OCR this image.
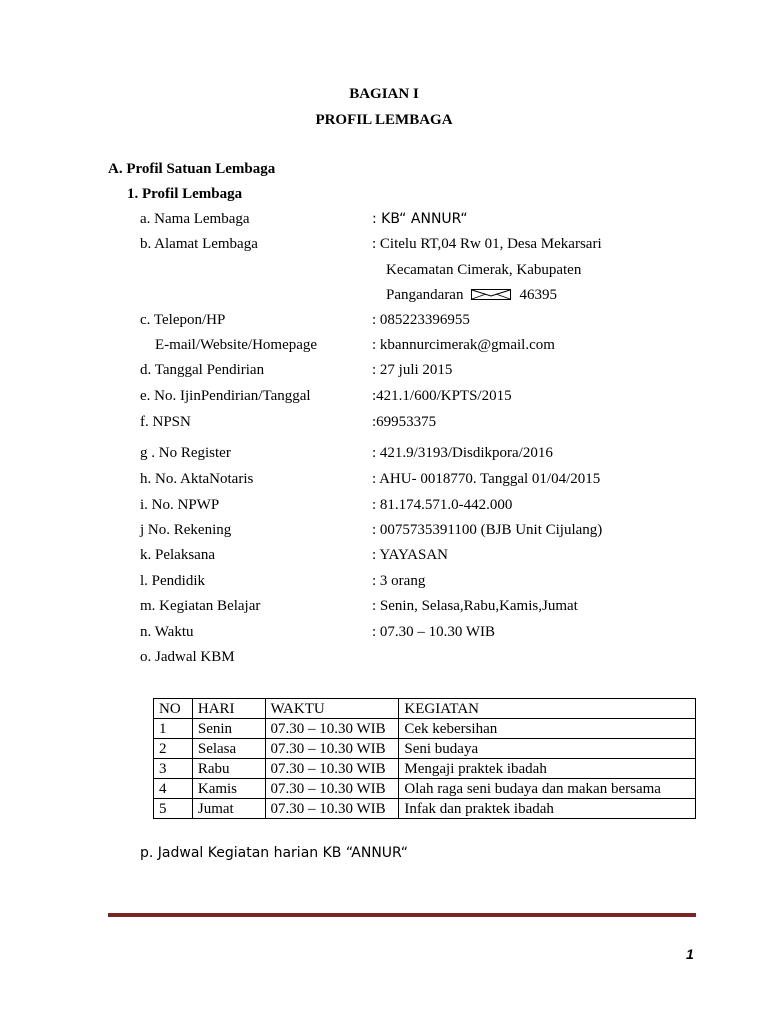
BAGIAN I
PROFIL LEMBAGA
A. Profil Satuan Lembaga
1. Profil Lembaga
a. Nama Lembaga	: KB“ ANNUR“
b. Alamat Lembaga	: Citelu RT,04 Rw 01, Desa Mekarsari
Kecamatan Cimerak, Kabupaten
Pangandaran	46395
c. Telepon/HP	: 085223396955
E-mail/Website/Homepage	: kbannurcimerak@gmail.com
d. Tanggal Pendirian	: 27 juli 2015
e. No. IjinPendirian/Tanggal	:421.1/600/KPTS/2015
f. NPSN	:69953375
g . No Register	: 421.9/3193/Disdikpora/2016
h. No. AktaNotaris	: AHU- 0018770. Tanggal 01/04/2015
i. No. NPWP	: 81.174.571.0-442.000
j No. Rekening	: 0075735391100 (BJB Unit Cijulang)
k. Pelaksana	: YAYASAN
l. Pendidik	: 3 orang
m. Kegiatan Belajar	: Senin, Selasa,Rabu,Kamis,Jumat
n. Waktu	: 07.30 – 10.30 WIB
o. Jadwal KBM
NO	HARI	WAKTU	KEGIATAN
1	Senin	07.30 – 10.30 WIB	Cek kebersihan
2	Selasa	07.30 – 10.30 WIB	Seni budaya
3	Rabu	07.30 – 10.30 WIB	Mengaji praktek ibadah
4	Kamis	07.30 – 10.30 WIB	Olah raga seni budaya dan makan bersama
5	Jumat	07.30 – 10.30 WIB	Infak dan praktek ibadah
p. Jadwal Kegiatan harian KB “ANNUR“
1
